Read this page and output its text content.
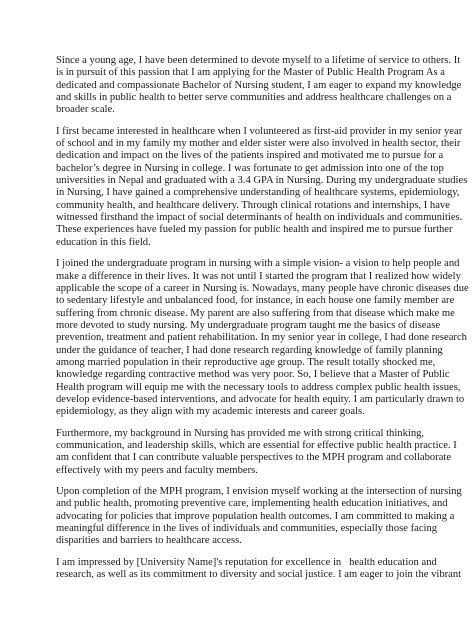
Since a young age, I have been determined to devote myself to a lifetime of service to others. It
is in pursuit of this passion that I am applying for the Master of Public Health Program As a
dedicated and compassionate Bachelor of Nursing student, I am eager to expand my knowledge
and skills in public health to better serve communities and address healthcare challenges on a
broader scale.
I first became interested in healthcare when I volunteered as first-aid provider in my senior year
of school and in my family my mother and elder sister were also involved in health sector, their
dedication and impact on the lives of the patients inspired and motivated me to pursue for a
bachelor’s degree in Nursing in college. I was fortunate to get admission into one of the top
universities in Nepal and graduated with a 3.4 GPA in Nursing. During my undergraduate studies
in Nursing, I have gained a comprehensive understanding of healthcare systems, epidemiology,
community health, and healthcare delivery. Through clinical rotations and internships, I have
witnessed firsthand the impact of social determinants of health on individuals and communities.
These experiences have fueled my passion for public health and inspired me to pursue further
education in this field.
I joined the undergraduate program in nursing with a simple vision- a vision to help people and
make a difference in their lives. It was not until I started the program that I realized how widely
applicable the scope of a career in Nursing is. Nowadays, many people have chronic diseases due
to sedentary lifestyle and unbalanced food, for instance, in each house one family member are
suffering from chronic disease. My parent are also suffering from that disease which make me
more devoted to study nursing. My undergraduate program taught me the basics of disease
prevention, treatment and patient rehabilitation. In my senior year in college, I had done research
under the guidance of teacher, I had done research regarding knowledge of family planning
among married population in their reproductive age group. The result totally shocked me,
knowledge regarding contractive method was very poor. So, I believe that a Master of Public
Health program will equip me with the necessary tools to address complex public health issues,
develop evidence-based interventions, and advocate for health equity. I am particularly drawn to
epidemiology, as they align with my academic interests and career goals.
Furthermore, my background in Nursing has provided me with strong critical thinking,
communication, and leadership skills, which are essential for effective public health practice. I
am confident that I can contribute valuable perspectives to the MPH program and collaborate
effectively with my peers and faculty members.
Upon completion of the MPH program, I envision myself working at the intersection of nursing
and public health, promoting preventive care, implementing health education initiatives, and
advocating for policies that improve population health outcomes. I am committed to making a
meaningful difference in the lives of individuals and communities, especially those facing
disparities and barriers to healthcare access.
I am impressed by [University Name]'s reputation for excellence in   health education and
research, as well as its commitment to diversity and social justice. I am eager to join the vibrant
